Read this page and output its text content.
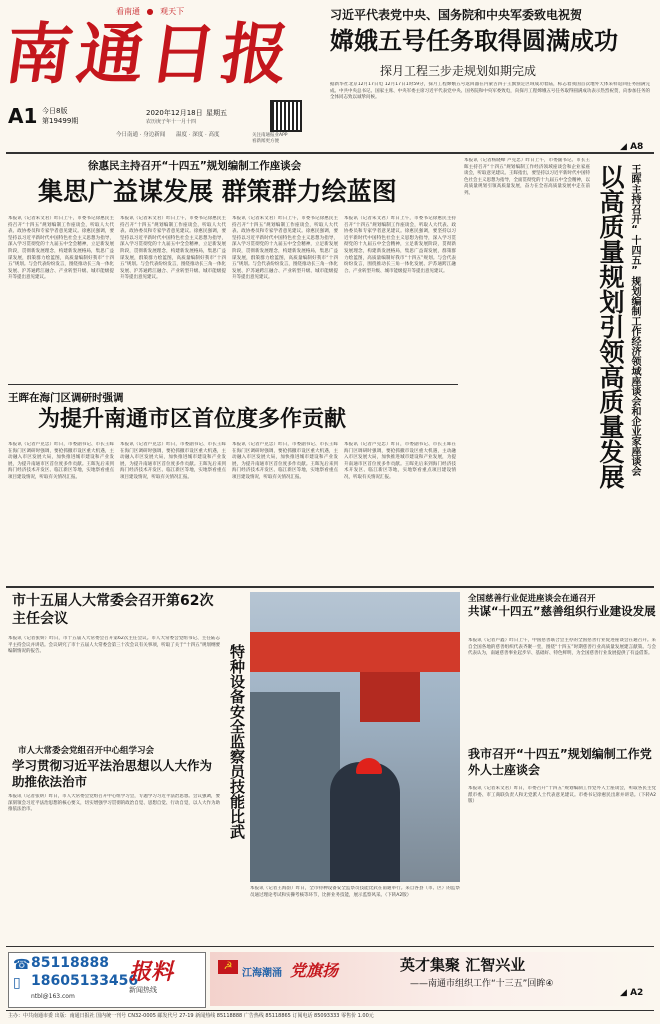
看南通 ● 观天下
南通日报
A1 今日8版
第19499期
2020年12月18日 星期五
农历庚子年十一月十四
今日南通 · 身边新闻 温度 · 深度 · 高度	关注南通报业APP
看新闻更方便
习近平代表党中央、国务院和中央军委致电祝贺
嫦娥五号任务取得圆满成功
探月工程三步走规划如期完成
据新华社北京12月17日电 12月17日1时59分，探月工程嫦娥五号返回器在内蒙古四子王旗预定区域成功着陆，标志着我国首次地外天体采样返回任务圆满完成。中共中央总书记、国家主席、中央军委主席习近平代表党中央、国务院和中央军委致电，向探月工程嫦娥五号任务取得圆满成功表示热烈祝贺，向参加任务的全体同志致以诚挚问候。
◢ A8
徐惠民主持召开“十四五”规划编制工作座谈会
集思广益谋发展 群策群力绘蓝图
本报讯（记者朱文君）昨日上午，市委书记徐惠民主持召开“十四五”规划编制工作座谈会，听取人大代表、政协委员和专家学者意见建议。徐惠民强调，要坚持以习近平新时代中国特色社会主义思想为指导，深入学习贯彻党的十九届五中全会精神，立足新发展阶段，贯彻新发展理念，构建新发展格局，集思广益谋发展，群策群力绘蓝图，高质量编制好我市“十四五”规划。与会代表纷纷发言，围绕推动长三角一体化发展、沪苏通跨江融合、产业转型升级、城市能级提升等提出意见建议。
本报讯（记者朱文君）昨日上午，市委书记徐惠民主持召开“十四五”规划编制工作座谈会，听取人大代表、政协委员和专家学者意见建议。徐惠民强调，要坚持以习近平新时代中国特色社会主义思想为指导，深入学习贯彻党的十九届五中全会精神，立足新发展阶段，贯彻新发展理念，构建新发展格局，集思广益谋发展，群策群力绘蓝图，高质量编制好我市“十四五”规划。与会代表纷纷发言，围绕推动长三角一体化发展、沪苏通跨江融合、产业转型升级、城市能级提升等提出意见建议。
本报讯（记者朱文君）昨日上午，市委书记徐惠民主持召开“十四五”规划编制工作座谈会，听取人大代表、政协委员和专家学者意见建议。徐惠民强调，要坚持以习近平新时代中国特色社会主义思想为指导，深入学习贯彻党的十九届五中全会精神，立足新发展阶段，贯彻新发展理念，构建新发展格局，集思广益谋发展，群策群力绘蓝图，高质量编制好我市“十四五”规划。与会代表纷纷发言，围绕推动长三角一体化发展、沪苏通跨江融合、产业转型升级、城市能级提升等提出意见建议。
本报讯（记者朱文君）昨日上午，市委书记徐惠民主持召开“十四五”规划编制工作座谈会，听取人大代表、政协委员和专家学者意见建议。徐惠民强调，要坚持以习近平新时代中国特色社会主义思想为指导，深入学习贯彻党的十九届五中全会精神，立足新发展阶段，贯彻新发展理念，构建新发展格局，集思广益谋发展，群策群力绘蓝图，高质量编制好我市“十四五”规划。与会代表纷纷发言，围绕推动长三角一体化发展、沪苏通跨江融合、产业转型升级、城市能级提升等提出意见建议。
本报讯（记者杨晓峰 卢克忠）昨日上午，市委副书记、市长王晖主持召开“十四五”规划编制工作经济领域座谈会和企业家座谈会，听取意见建议。王晖指出，要坚持以习近平新时代中国特色社会主义思想为指导，全面贯彻党的十九届五中全会精神，以高质量规划引领高质量发展，奋力在全省高质量发展中走在前列。	以高质量规划引领高质量发展 王晖主持召开“十四五”规划编制工作经济领域座谈会和企业家座谈会
王晖在海门区调研时强调
为提升南通市区首位度多作贡献
本报讯（记者卢克忠）昨日，市委副书记、市长王晖在海门区调研时强调，要抢抓撤市设区重大机遇，主动融入市区发展大局，加快推进城市建设和产业发展，为提升南通市区首位度多作贡献。王晖先后来到海门经济技术开发区、临江新区等地，实地察看重点项目建设情况，听取有关情况汇报。
本报讯（记者卢克忠）昨日，市委副书记、市长王晖在海门区调研时强调，要抢抓撤市设区重大机遇，主动融入市区发展大局，加快推进城市建设和产业发展，为提升南通市区首位度多作贡献。王晖先后来到海门经济技术开发区、临江新区等地，实地察看重点项目建设情况，听取有关情况汇报。
本报讯（记者卢克忠）昨日，市委副书记、市长王晖在海门区调研时强调，要抢抓撤市设区重大机遇，主动融入市区发展大局，加快推进城市建设和产业发展，为提升南通市区首位度多作贡献。王晖先后来到海门经济技术开发区、临江新区等地，实地察看重点项目建设情况，听取有关情况汇报。
本报讯（记者卢克忠）昨日，市委副书记、市长王晖在海门区调研时强调，要抢抓撤市设区重大机遇，主动融入市区发展大局，加快推进城市建设和产业发展，为提升南通市区首位度多作贡献。王晖先后来到海门经济技术开发区、临江新区等地，实地察看重点项目建设情况，听取有关情况汇报。
市十五届人大常委会召开第62次主任会议
本报讯（记者张妍）昨日，市十五届人大常委会召开第62次主任会议。市人大常委会党组书记、主任陆志平主持会议并讲话。会议研究了市十五届人大常委会第三十次会议有关事项，听取了关于“十四五”规划纲要编制情况的报告。
市人大常委会党组召开中心组学习会
学习贯彻习近平法治思想以人大作为助推依法治市
本报讯（记者张妍）昨日，市人大常委会党组召开中心组学习会，专题学习习近平法治思想。会议强调，要深刻领会习近平法治思想的核心要义，切实增强学习贯彻的政治自觉、思想自觉、行动自觉，以人大作为助推依法治市。	特种设备安全监察员技能比武
本报讯（记者王海韵）昨日，全市特种设备安全监察员技能比武在南通举行。来自各县（市、区）的监察员通过理论考试和实操考核等环节，比拼业务技能，展示监察风采。（下转A2版）
全国慈善行业促进座谈会在通召开
共谋“十四五”慈善组织行业建设发展
本报讯（记者卢鑫）昨日上午，中国慈善联合会主办的全国慈善行业促进座谈会在通召开。来自全国各地的慈善组织代表齐聚一堂，围绕“十四五”时期慈善行业高质量发展建言献策。与会代表认为，南通慈善事业起步早、基础好、特色鲜明，为全国慈善行业发展提供了有益借鉴。
我市召开“十四五”规划编制工作党外人士座谈会
本报讯（记者朱文君）昨日，市委召开“十四五”规划编制工作党外人士座谈会，听取各民主党派市委、市工商联负责人和无党派人士代表意见建议。市委书记徐惠民出席并讲话。（下转A2版）
☎ 85118888
▯ 18605133456
报料
新闻热线
ntbl@163.com
☭
江海潮涌 党旗扬	英才集聚 汇智兴业
——南通市组织工作“十三五”回眸④
◢ A2
主办：中共南通市委 出版：南通日报社 国内统一刊号 CN32-0005 邮发代号 27-19 新闻热线 85118888 广告热线 85118865 订阅电话 85093333 零售价 1.00元
